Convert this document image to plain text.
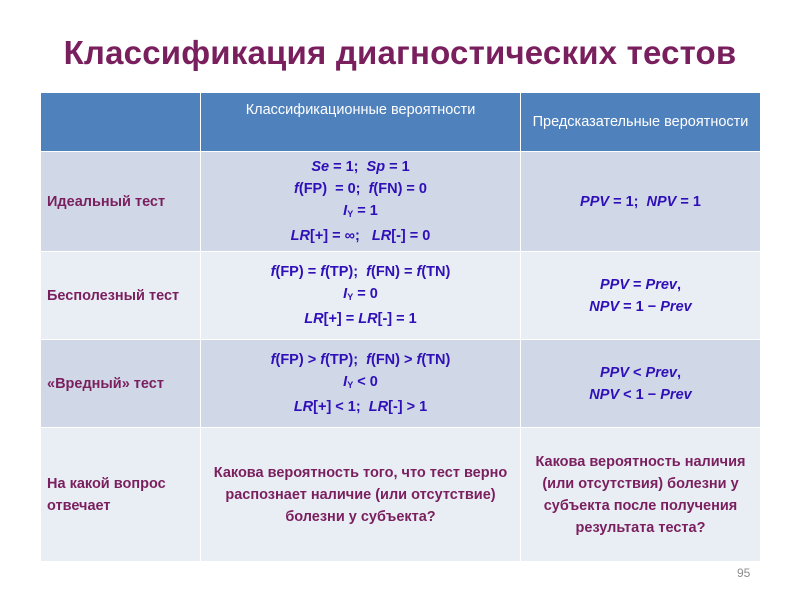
Классификация диагностических тестов
	Классификационные вероятности	Предсказательные вероятности
Идеальный тест	Se = 1;  Sp = 1
f(FP)  = 0;  f(FN) = 0
$I_Y = 1$
LR[+] = ∞;   LR[-] = 0	PPV = 1;  NPV = 1

Бесполезный тест	f(FP) = f(TP);  f(FN) = f(TN)
$I_Y = 0$
LR[+] = LR[-] = 1	PPV = Prev,
NPV = 1 − Prev

«Вредный» тест	f(FP) > f(TP);  f(FN) > f(TN)
$I_Y < 0$
LR[+] < 1;  LR[-] > 1	PPV < Prev,
NPV < 1 − Prev

На какой вопрос отвечает	Какова вероятность того, что тест верно распознает наличие (или отсутствие) болезни у субъекта?	Какова вероятность наличия (или отсутствия) болезни у субъекта после получения результата теста?
95
